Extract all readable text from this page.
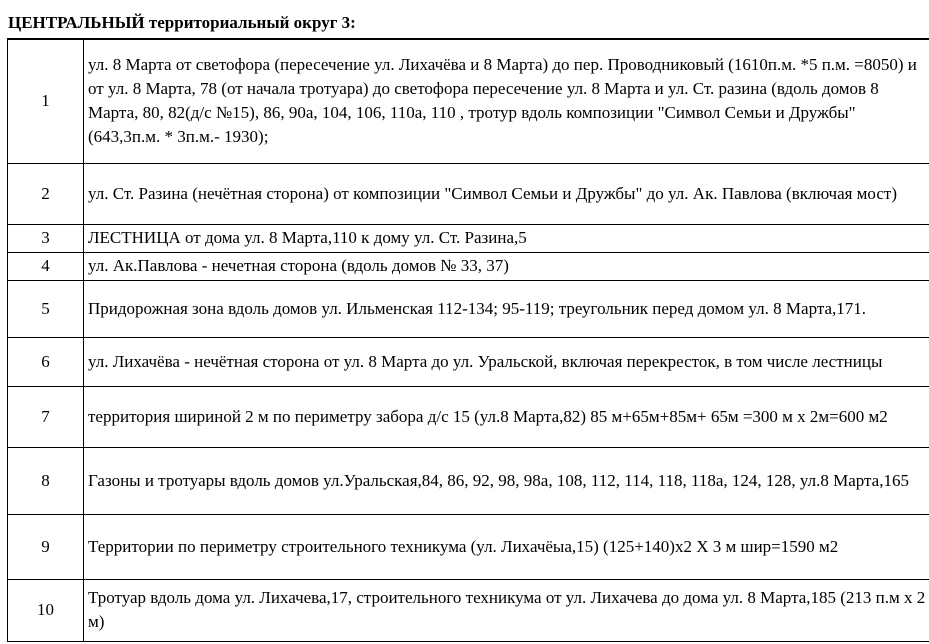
ЦЕНТРАЛЬНЫЙ территориальный округ 3:
1	ул. 8 Марта от светофора (пересечение ул. Лихачёва и 8 Марта) до пер. Проводниковый (1610п.м. *5 п.м. =8050) и от ул. 8 Марта, 78 (от начала тротуара) до светофора пересечение ул. 8 Марта и ул. Ст. разина (вдоль домов 8 Марта, 80, 82(д/с №15), 86, 90а, 104, 106, 110а, 110 , тротур вдоль композиции "Символ Семьи и Дружбы" (643,3п.м. * 3п.м.- 1930);
2	ул. Ст. Разина (нечётная сторона) от композиции "Символ Семьи и Дружбы" до ул. Ак. Павлова (включая мост)
3	ЛЕСТНИЦА от дома ул. 8 Марта,110 к дому ул. Ст. Разина,5
4	ул. Ак.Павлова - нечетная сторона (вдоль домов № 33, 37)
5	Придорожная зона вдоль домов ул. Ильменская 112-134; 95-119; треугольник перед домом ул. 8 Марта,171.
6	ул. Лихачёва - нечётная сторона от ул. 8 Марта до ул. Уральской, включая перекресток, в том числе лестницы
7	территория шириной 2 м по периметру забора д/с 15 (ул.8 Марта,82) 85 м+65м+85м+ 65м =300 м х 2м=600 м2
8	Газоны и тротуары вдоль домов ул.Уральская,84, 86, 92, 98, 98а, 108, 112, 114, 118, 118а, 124, 128, ул.8 Марта,165
9	Территории по периметру строительного техникума (ул. Лихачёыа,15) (125+140)х2 Х 3 м шир=1590 м2
10	Тротуар вдоль дома ул. Лихачева,17, строительного техникума от ул. Лихачева до дома ул. 8 Марта,185 (213 п.м х 2 м)
